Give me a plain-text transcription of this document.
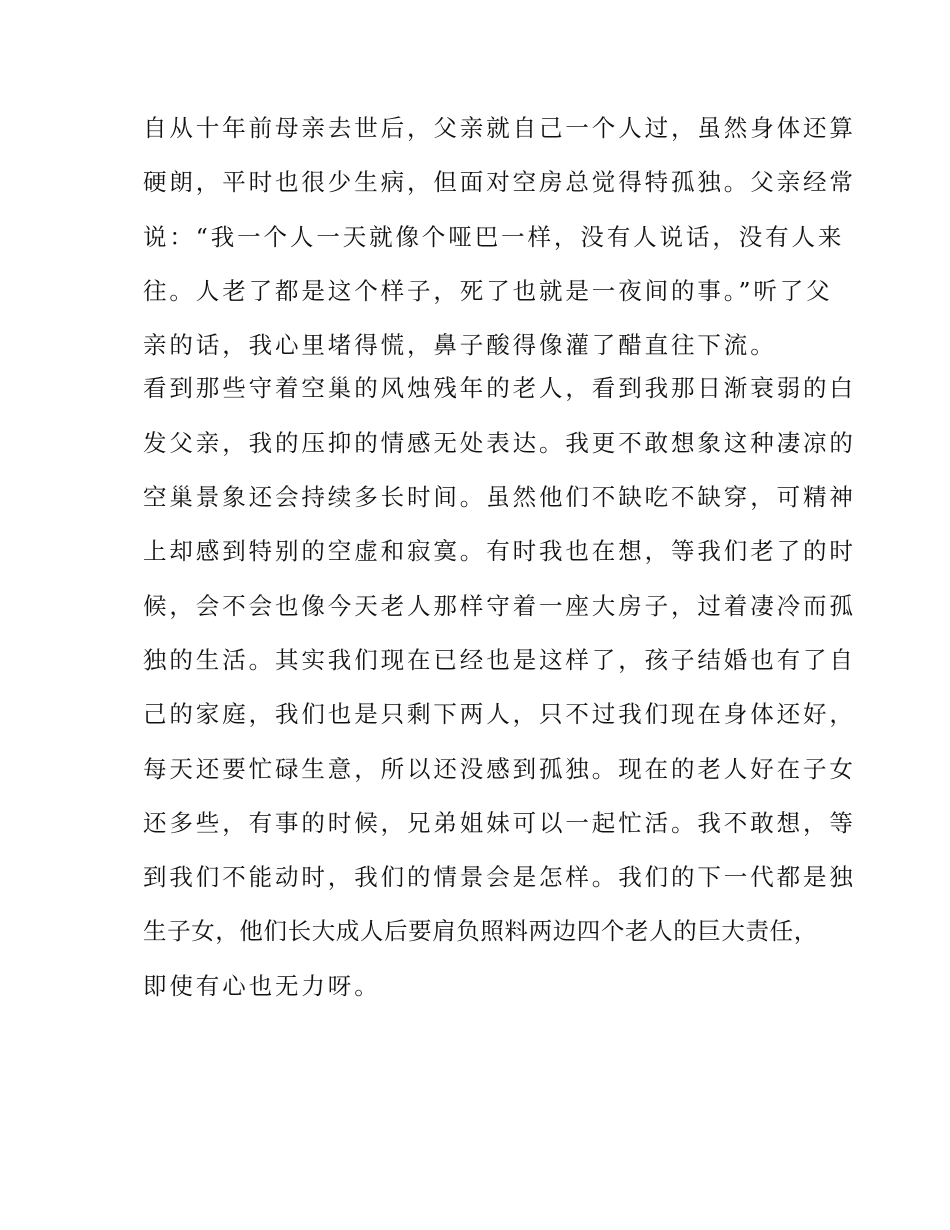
自从十年前母亲去世后，父亲就自己一个人过，虽然身体还算
硬朗，平时也很少生病，但面对空房总觉得特孤独。父亲经常
说：“我一个人一天就像个哑巴一样，没有人说话，没有人来
往。人老了都是这个样子，死了也就是一夜间的事。”听了父
亲的话，我心里堵得慌，鼻子酸得像灌了醋直往下流。
看到那些守着空巢的风烛残年的老人，看到我那日渐衰弱的白
发父亲，我的压抑的情感无处表达。我更不敢想象这种凄凉的
空巢景象还会持续多长时间。虽然他们不缺吃不缺穿，可精神
上却感到特别的空虚和寂寞。有时我也在想，等我们老了的时
候，会不会也像今天老人那样守着一座大房子，过着凄冷而孤
独的生活。其实我们现在已经也是这样了，孩子结婚也有了自
己的家庭，我们也是只剩下两人，只不过我们现在身体还好，
每天还要忙碌生意，所以还没感到孤独。现在的老人好在子女
还多些，有事的时候，兄弟姐妹可以一起忙活。我不敢想，等
到我们不能动时，我们的情景会是怎样。我们的下一代都是独
生子女，他们长大成人后要肩负照料两边四个老人的巨大责任，
即使有心也无力呀。
